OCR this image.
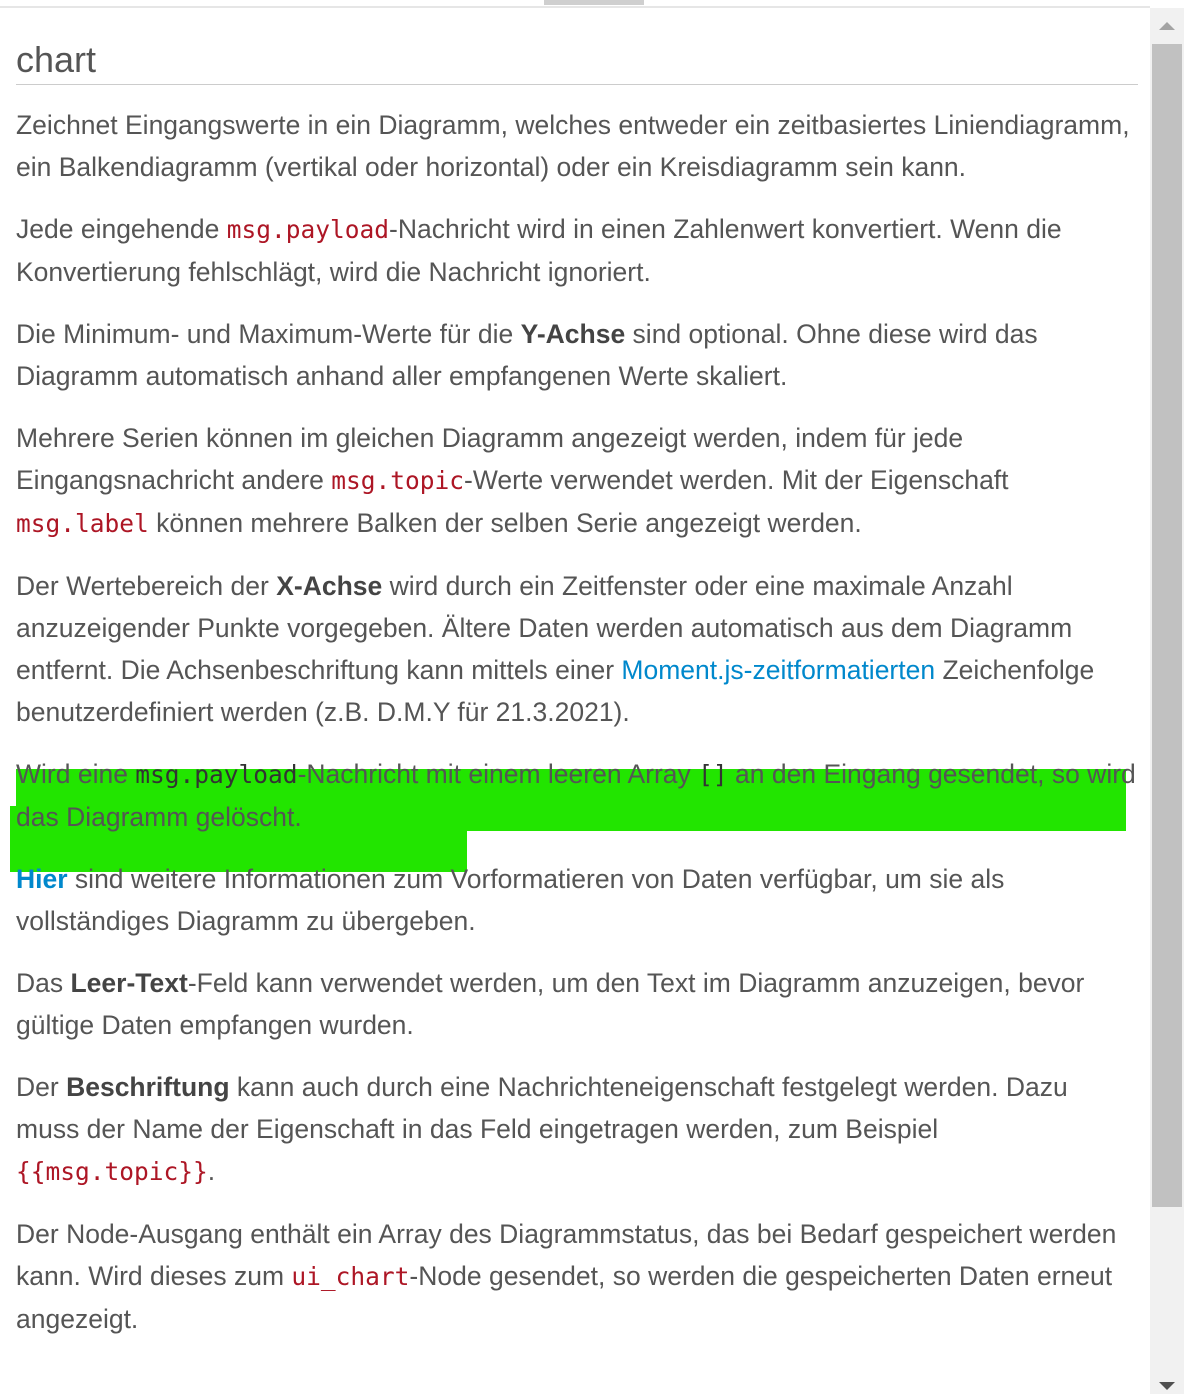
chart

Zeichnet Eingangswerte in ein Diagramm, welches entweder ein zeitbasiertes Liniendiagramm, ein Balkendiagramm (vertikal oder horizontal) oder ein Kreisdiagramm sein kann.

Jede eingehende msg.payload-Nachricht wird in einen Zahlenwert konvertiert. Wenn die Konvertierung fehlschlägt, wird die Nachricht ignoriert.

Die Minimum- und Maximum-Werte für die Y-Achse sind optional. Ohne diese wird das Diagramm automatisch anhand aller empfangenen Werte skaliert.

Mehrere Serien können im gleichen Diagramm angezeigt werden, indem für jede Eingangsnachricht andere msg.topic-Werte verwendet werden. Mit der Eigenschaft msg.label können mehrere Balken der selben Serie angezeigt werden.

Der Wertebereich der X-Achse wird durch ein Zeitfenster oder eine maximale Anzahl anzuzeigender Punkte vorgegeben. Ältere Daten werden automatisch aus dem Diagramm entfernt. Die Achsenbeschriftung kann mittels einer Moment.js-zeitformatierten Zeichenfolge benutzerdefiniert werden (z.B. D.M.Y für 21.3.2021).

Wird eine msg.payload-Nachricht mit einem leeren Array [] an den Eingang gesendet, so wird das Diagramm gelöscht.

Hier sind weitere Informationen zum Vorformatieren von Daten verfügbar, um sie als vollständiges Diagramm zu übergeben.

Das Leer-Text-Feld kann verwendet werden, um den Text im Diagramm anzuzeigen, bevor gültige Daten empfangen wurden.

Der Beschriftung kann auch durch eine Nachrichteneigenschaft festgelegt werden. Dazu muss der Name der Eigenschaft in das Feld eingetragen werden, zum Beispiel {{msg.topic}}.

Der Node-Ausgang enthält ein Array des Diagrammstatus, das bei Bedarf gespeichert werden kann. Wird dieses zum ui_chart-Node gesendet, so werden die gespeicherten Daten erneut angezeigt.
